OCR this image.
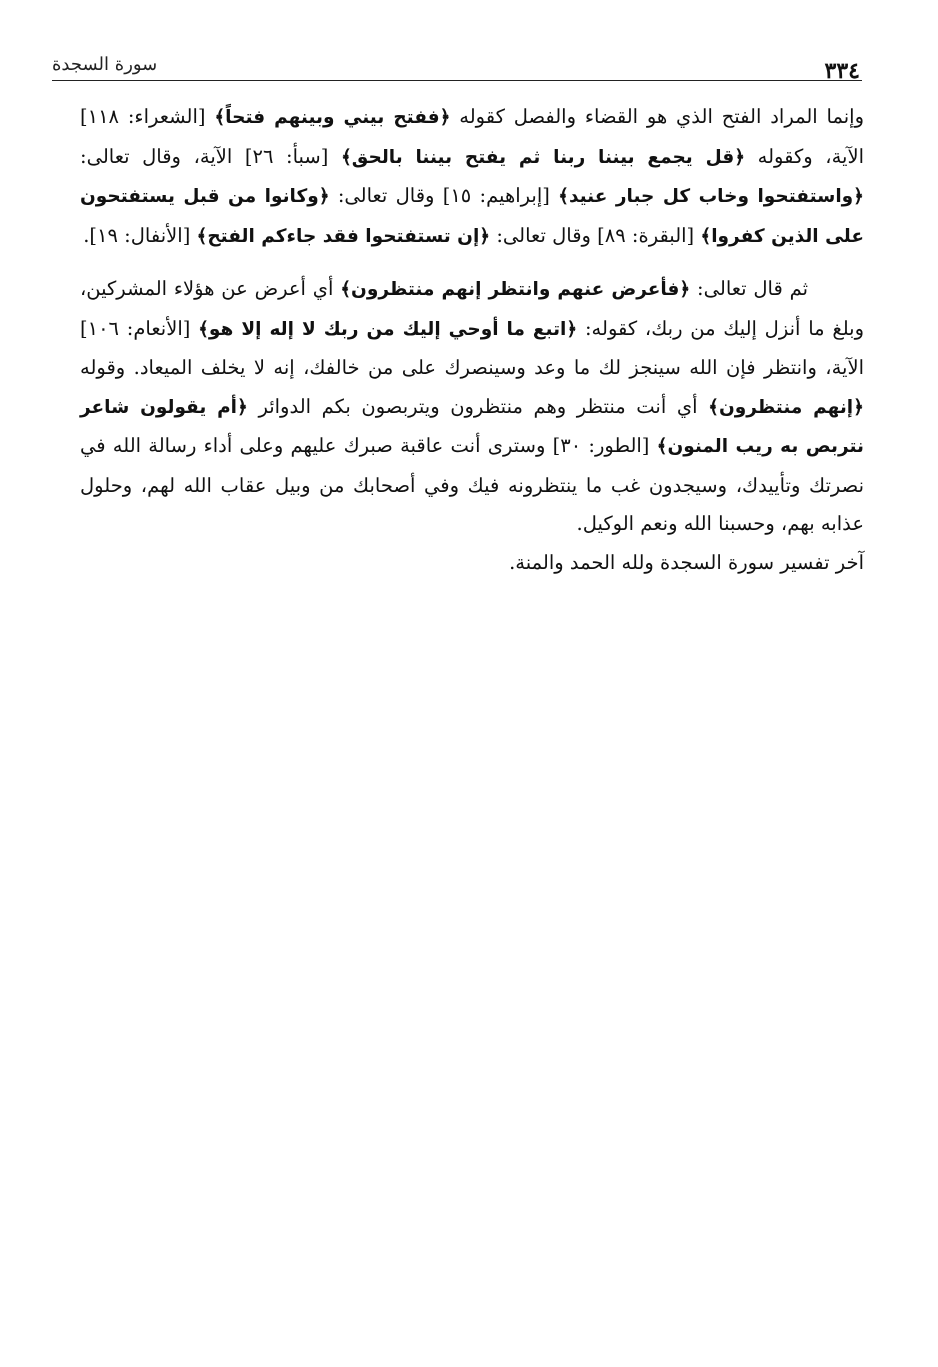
سورة السجدة	٣٣٤

وإنما المراد الفتح الذي هو القضاء والفصل كقوله ﴿ففتح بيني وبينهم فتحاً﴾ [الشعراء: ١١٨] الآية، وكقوله ﴿قل يجمع بيننا ربنا ثم يفتح بيننا بالحق﴾ [سبأ: ٢٦] الآية، وقال تعالى: ﴿واستفتحوا وخاب كل جبار عنيد﴾ [إبراهيم: ١٥] وقال تعالى: ﴿وكانوا من قبل يستفتحون على الذين كفروا﴾ [البقرة: ٨٩] وقال تعالى: ﴿إن تستفتحوا فقد جاءكم الفتح﴾ [الأنفال: ١٩].

ثم قال تعالى: ﴿فأعرض عنهم وانتظر إنهم منتظرون﴾ أي أعرض عن هؤلاء المشركين، وبلغ ما أنزل إليك من ربك، كقوله: ﴿اتبع ما أوحي إليك من ربك لا إله إلا هو﴾ [الأنعام: ١٠٦] الآية، وانتظر فإن الله سينجز لك ما وعد وسينصرك على من خالفك، إنه لا يخلف الميعاد. وقوله ﴿إنهم منتظرون﴾ أي أنت منتظر وهم منتظرون ويتربصون بكم الدوائر ﴿أم يقولون شاعر نتربص به ريب المنون﴾ [الطور: ٣٠] وسترى أنت عاقبة صبرك عليهم وعلى أداء رسالة الله في نصرتك وتأييدك، وسيجدون غب ما ينتظرونه فيك وفي أصحابك من وبيل عقاب الله لهم، وحلول عذابه بهم، وحسبنا الله ونعم الوكيل.

آخر تفسير سورة السجدة ولله الحمد والمنة.
